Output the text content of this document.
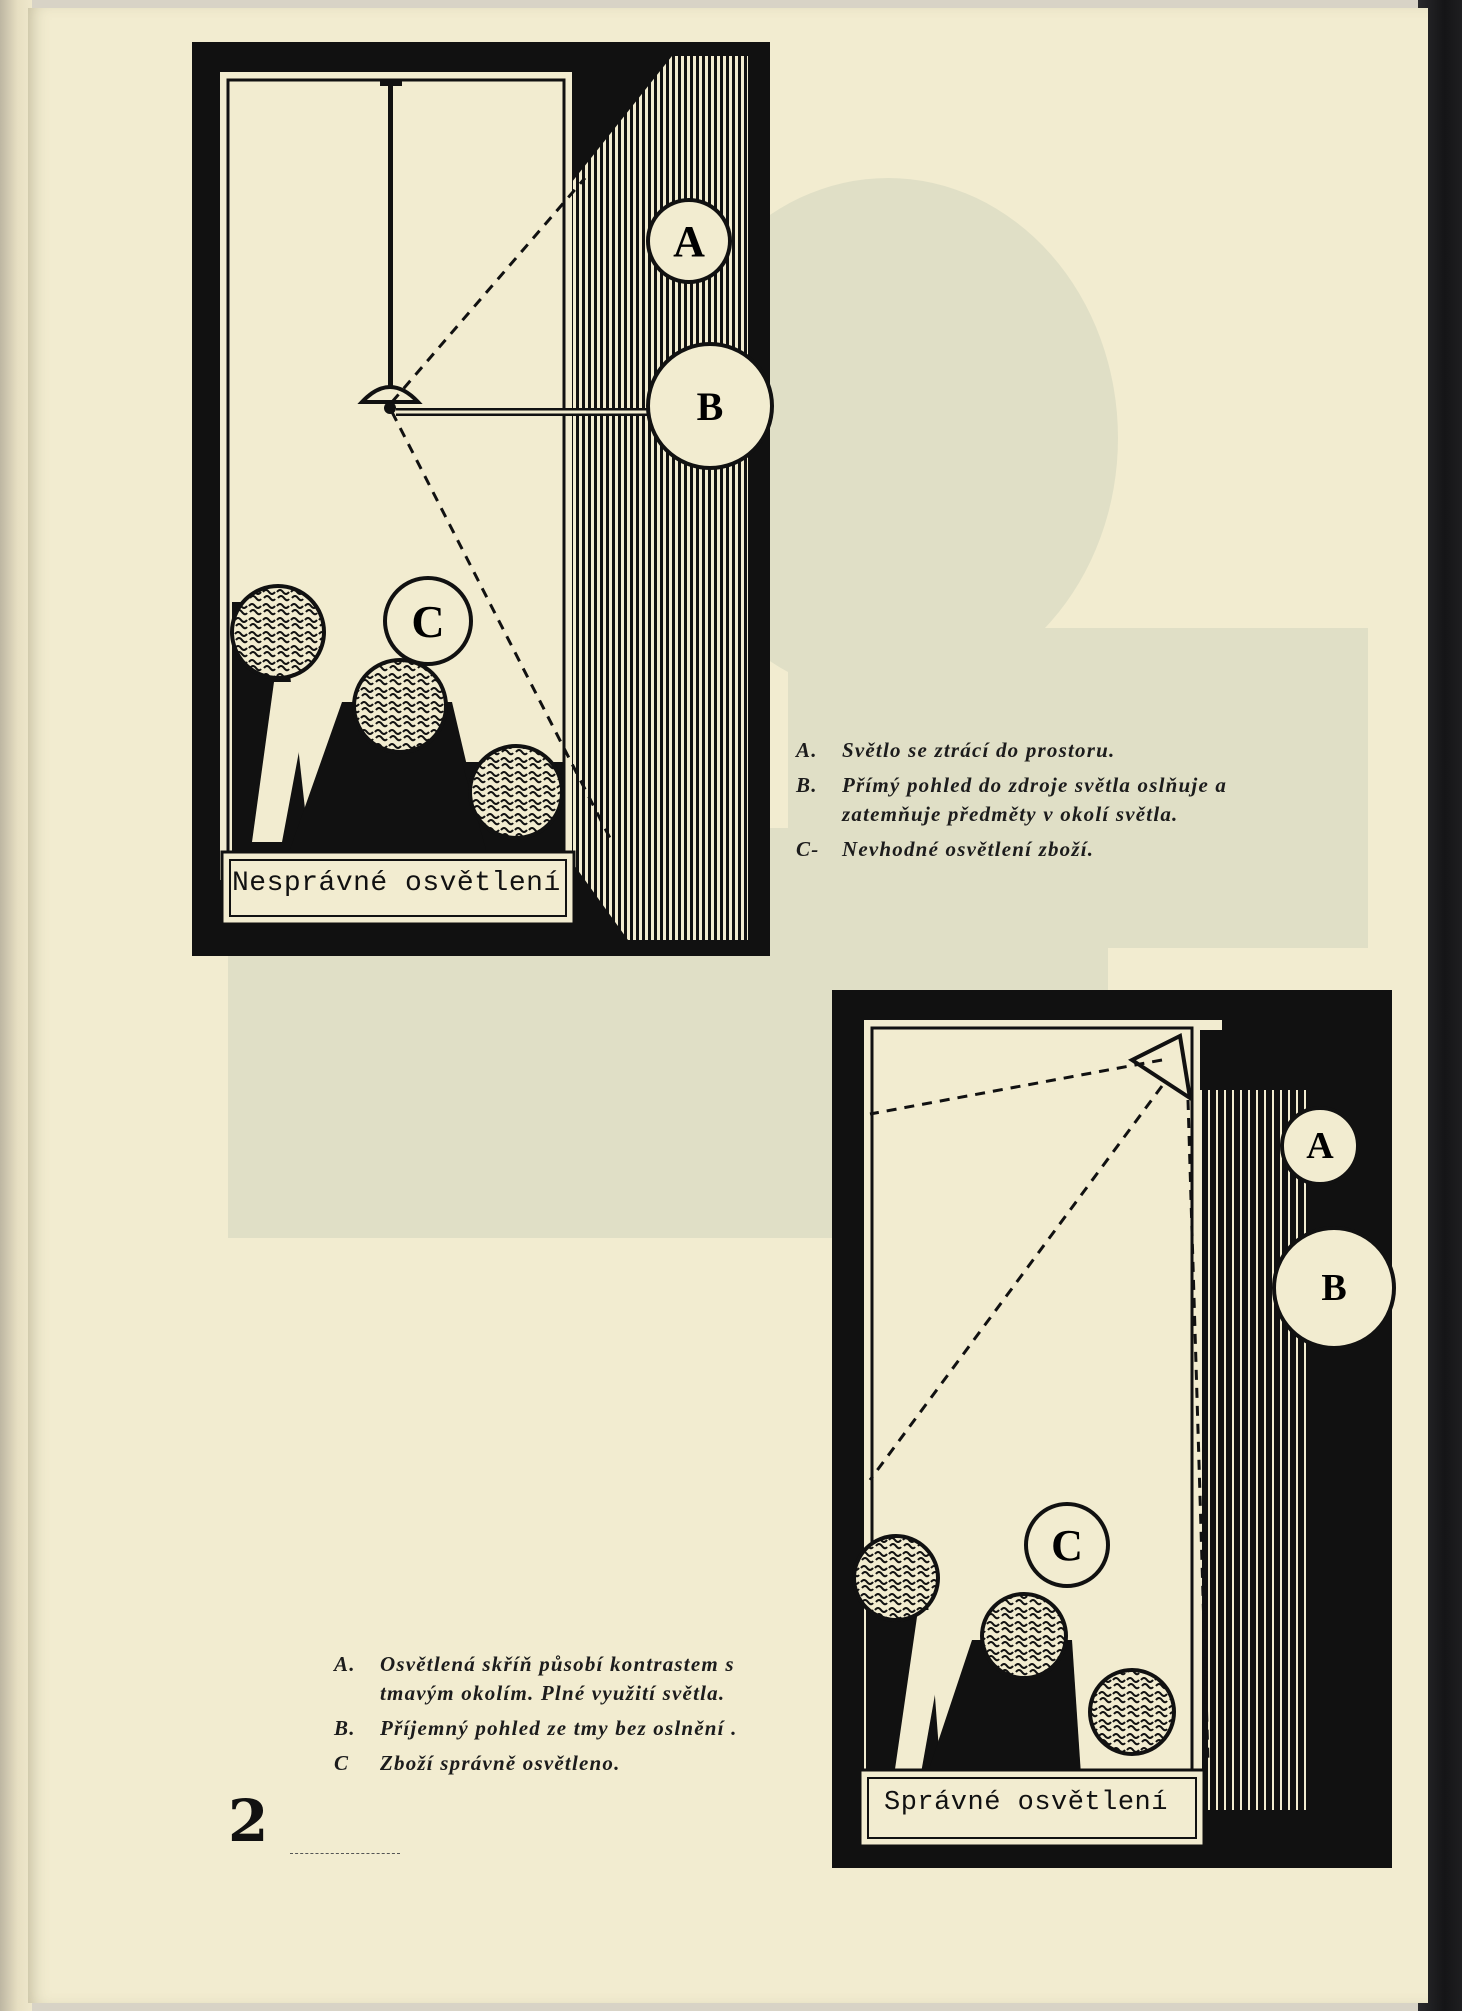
A
B
C
Nesprávné osvětlení
A.	Světlo se ztrácí do prostoru.
B.	Přímý pohled do zdroje světla oslňuje a zatemňuje předměty v okolí světla.
C-	Nevhodné osvětlení zboží.
A
B
C
Správné osvětlení
A.	Osvětlená skříň působí kontrastem s tmavým okolím. Plné využití světla.
B.	Příjemný pohled ze tmy bez oslnění .
C	Zboží správně osvětleno.
2
